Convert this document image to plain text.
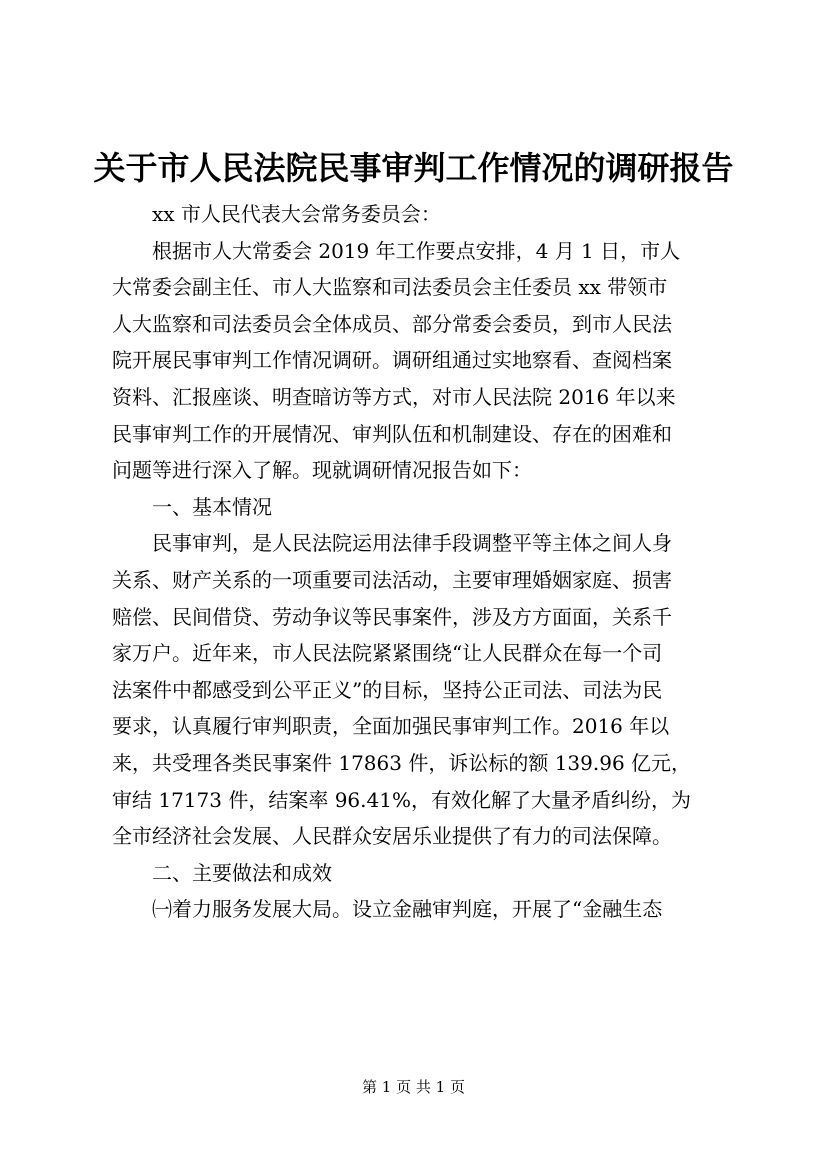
关于市人民法院民事审判工作情况的调研报告
xx 市人民代表大会常务委员会：
根据市人大常委会 2019 年工作要点安排，4 月 1 日，市人
大常委会副主任、市人大监察和司法委员会主任委员 xx 带领市
人大监察和司法委员会全体成员、部分常委会委员，到市人民法
院开展民事审判工作情况调研。调研组通过实地察看、查阅档案
资料、汇报座谈、明查暗访等方式，对市人民法院 2016 年以来
民事审判工作的开展情况、审判队伍和机制建设、存在的困难和
问题等进行深入了解。现就调研情况报告如下：
一、基本情况
民事审判，是人民法院运用法律手段调整平等主体之间人身
关系、财产关系的一项重要司法活动，主要审理婚姻家庭、损害
赔偿、民间借贷、劳动争议等民事案件，涉及方方面面，关系千
家万户。近年来，市人民法院紧紧围绕“让人民群众在每一个司
法案件中都感受到公平正义”的目标，坚持公正司法、司法为民
要求，认真履行审判职责，全面加强民事审判工作。2016 年以
来，共受理各类民事案件 17863 件，诉讼标的额 139.96 亿元，
审结 17173 件，结案率 96.41%，有效化解了大量矛盾纠纷，为
全市经济社会发展、人民群众安居乐业提供了有力的司法保障。
二、主要做法和成效
㈠着力服务发展大局。设立金融审判庭，开展了“金融生态
第 1 页 共 1 页
